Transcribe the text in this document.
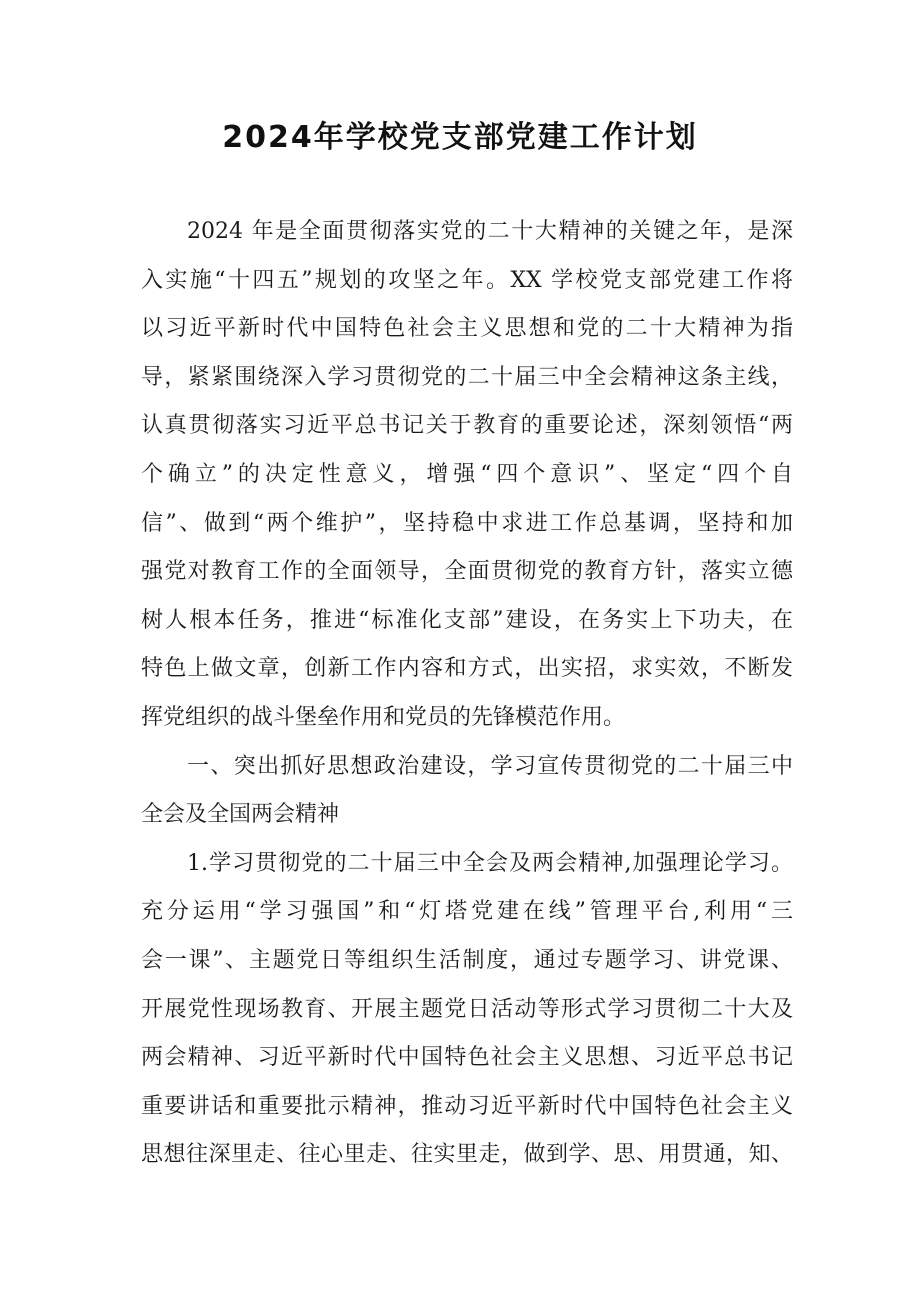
2024年学校党支部党建工作计划
2024 年是全面贯彻落实党的二十大精神的关键之年，是深
入实施“十四五”规划的攻坚之年。XX 学校党支部党建工作将
以习近平新时代中国特色社会主义思想和党的二十大精神为指
导，紧紧围绕深入学习贯彻党的二十届三中全会精神这条主线，
认真贯彻落实习近平总书记关于教育的重要论述，深刻领悟“两
个确立”的决定性意义，增强“四个意识”、坚定“四个自
信”、做到“两个维护”，坚持稳中求进工作总基调，坚持和加
强党对教育工作的全面领导，全面贯彻党的教育方针，落实立德
树人根本任务，推进“标准化支部”建设，在务实上下功夫，在
特色上做文章，创新工作内容和方式，出实招，求实效，不断发
挥党组织的战斗堡垒作用和党员的先锋模范作用。
一、突出抓好思想政治建设，学习宣传贯彻党的二十届三中
全会及全国两会精神
1.学习贯彻党的二十届三中全会及两会精神,加强理论学习。
充分运用“学习强国”和“灯塔党建在线”管理平台,利用“三
会一课”、主题党日等组织生活制度，通过专题学习、讲党课、
开展党性现场教育、开展主题党日活动等形式学习贯彻二十大及
两会精神、习近平新时代中国特色社会主义思想、习近平总书记
重要讲话和重要批示精神，推动习近平新时代中国特色社会主义
思想往深里走、往心里走、往实里走，做到学、思、用贯通，知、
